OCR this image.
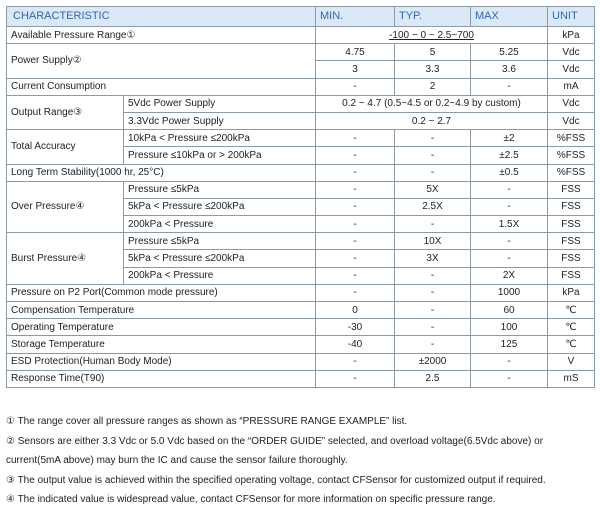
CHARACTERISTIC		MIN.	TYP.	MAX	UNIT
Available Pressure Range①		-100 ~ 0 ~ 2.5~700			kPa
Power Supply②		4.75	5	5.25	Vdc
		3	3.3	3.6	Vdc
Current Consumption		-	2	-	mA
Output Range③	5Vdc Power Supply	0.2 ~ 4.7 (0.5~4.5 or 0.2~4.9 by custom)			Vdc
	3.3Vdc Power Supply	0.2 ~ 2.7			Vdc
Total Accuracy	10kPa < Pressure ≤200kPa	-	-	±2	%FSS
	Pressure ≤10kPa or > 200kPa	-	-	±2.5	%FSS
Long Term Stability(1000 hr, 25°C)		-	-	±0.5	%FSS
Over Pressure④	Pressure ≤5kPa	-	5X	-	FSS
	5kPa < Pressure ≤200kPa	-	2.5X	-	FSS
	200kPa < Pressure	-	-	1.5X	FSS
Burst Pressure④	Pressure ≤5kPa	-	10X	-	FSS
	5kPa < Pressure ≤200kPa	-	3X	-	FSS
	200kPa < Pressure	-	-	2X	FSS
Pressure on P2 Port(Common mode pressure)		-	-	1000	kPa
Compensation Temperature		0	-	60	℃
Operating Temperature		-30	-	100	℃
Storage Temperature		-40	-	125	℃
ESD Protection(Human Body Mode)		-	±2000	-	V
Response Time(T90)		-	2.5	-	mS

① The range cover all pressure ranges as shown as “PRESSURE RANGE EXAMPLE” list.

② Sensors are either 3.3 Vdc or 5.0 Vdc based on the “ORDER GUIDE” selected, and overload voltage(6.5Vdc above) or current(5mA above) may burn the IC and cause the sensor failure thoroughly.

③ The output value is achieved within the specified operating voltage, contact CFSensor for customized output if required.

④ The indicated value is widespread value, contact CFSensor for more information on specific pressure range.
